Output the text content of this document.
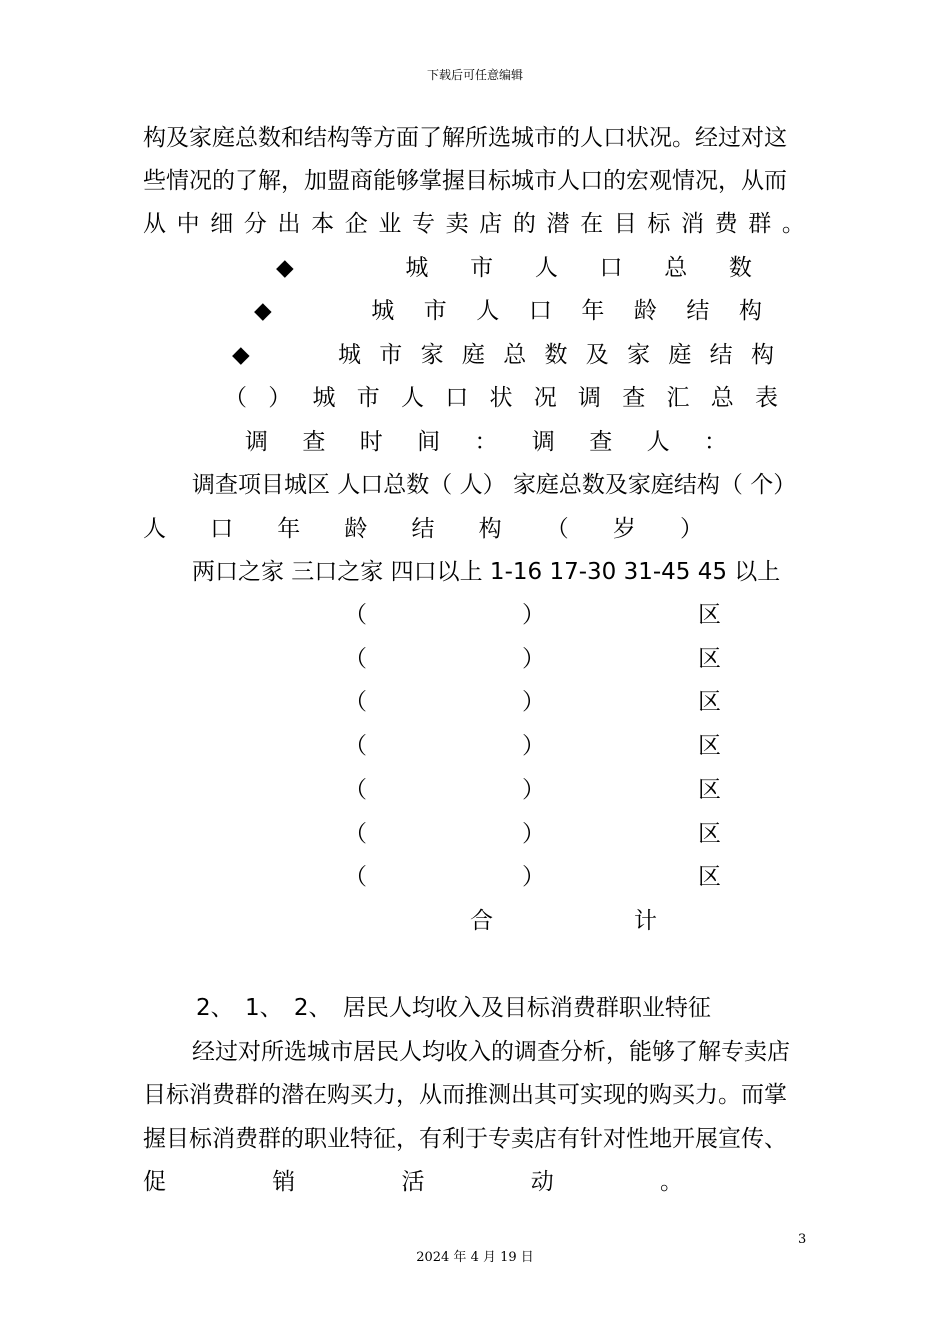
下载后可任意编辑
构及家庭总数和结构等方面了解所选城市的人口状况。经过对这
些情况的了解，加盟商能够掌握目标城市人口的宏观情况，从而
从 中 细 分 出 本 企 业 专 卖 店 的 潜 在 目 标 消 费 群 。
◆	城 市 人 口 总 数
◆	城 市 人 口 年 龄 结 构
◆	城 市 家 庭 总 数 及 家 庭 结 构
（ ） 城 市 人 口 状 况 调 查 汇 总 表
调 查 时 间 ： 调 查 人 ：
调查项目城区 人口总数（ 人） 家庭总数及家庭结构（ 个）
人 口 年 龄 结 构 （ 岁 ）
两口之家 三口之家 四口以上 1-16 17-30 31-45 45 以上
（	）	区
（	）	区
（	）	区
（	）	区
（	）	区
（	）	区
（	）	区
合	计
2、 1、 2、 居民人均收入及目标消费群职业特征
经过对所选城市居民人均收入的调查分析，能够了解专卖店
目标消费群的潜在购买力，从而推测出其可实现的购买力。而掌
握目标消费群的职业特征，有利于专卖店有针对性地开展宣传、
促	销	活	动	。
3
2024 年 4 月 19 日
